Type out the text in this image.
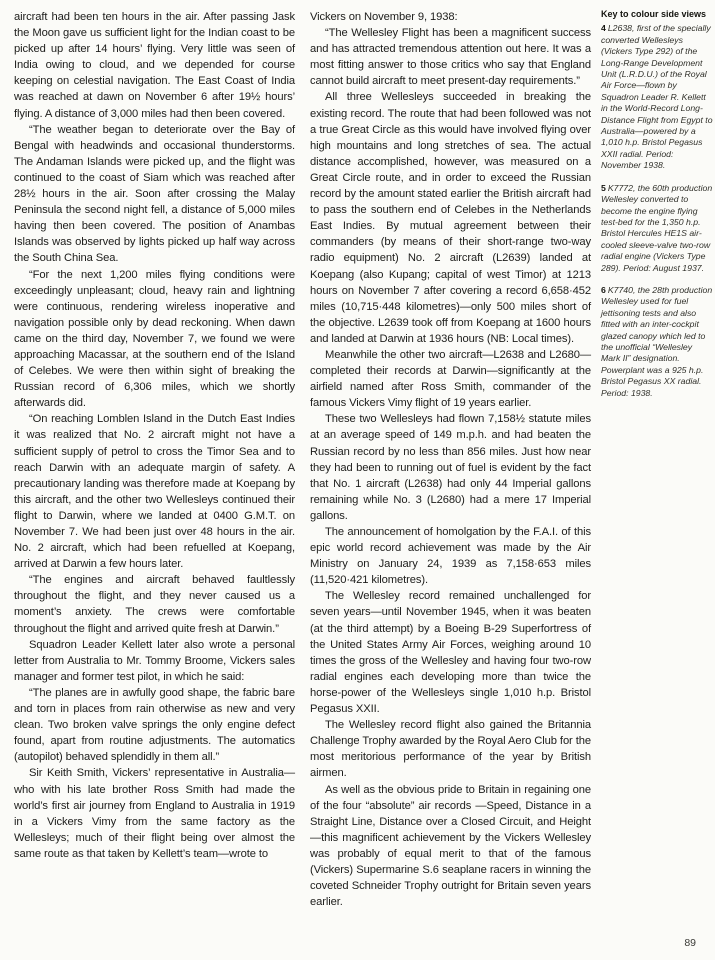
aircraft had been ten hours in the air. After passing Jask the Moon gave us sufficient light for the Indian coast to be picked up after 14 hours’ flying. Very little was seen of India owing to cloud, and we depended for course keeping on celestial navigation. The East Coast of India was reached at dawn on November 6 after 19½ hours’ flying. A distance of 3,000 miles had then been covered.

“The weather began to deteriorate over the Bay of Bengal with headwinds and occasional thunderstorms. The Andaman Islands were picked up, and the flight was continued to the coast of Siam which was reached after 28½ hours in the air. Soon after crossing the Malay Peninsula the second night fell, a distance of 5,000 miles having then been covered. The position of Anambas Islands was observed by lights picked up half way across the South China Sea.

“For the next 1,200 miles flying conditions were exceedingly unpleasant; cloud, heavy rain and lightning were continuous, rendering wireless inoperative and navigation possible only by dead reckoning. When dawn came on the third day, November 7, we found we were approaching Macassar, at the southern end of the Island of Celebes. We were then within sight of breaking the Russian record of 6,306 miles, which we shortly afterwards did.

“On reaching Lomblen Island in the Dutch East Indies it was realized that No. 2 aircraft might not have a sufficient supply of petrol to cross the Timor Sea and to reach Darwin with an adequate margin of safety. A precautionary landing was therefore made at Koepang by this aircraft, and the other two Wellesleys continued their flight to Darwin, where we landed at 0400 G.M.T. on November 7. We had been just over 48 hours in the air. No. 2 aircraft, which had been refuelled at Koepang, arrived at Darwin a few hours later.

“The engines and aircraft behaved faultlessly throughout the flight, and they never caused us a moment’s anxiety. The crews were comfortable throughout the flight and arrived quite fresh at Darwin.”

Squadron Leader Kellett later also wrote a personal letter from Australia to Mr. Tommy Broome, Vickers sales manager and former test pilot, in which he said:

“The planes are in awfully good shape, the fabric bare and torn in places from rain otherwise as new and very clean. Two broken valve springs the only engine defect found, apart from routine adjustments. The automatics (autopilot) behaved splendidly in them all.”

Sir Keith Smith, Vickers’ representative in Australia—who with his late brother Ross Smith had made the world’s first air journey from England to Australia in 1919 in a Vickers Vimy from the same factory as the Wellesleys; much of their flight being over almost the same route as that taken by Kellett’s team—wrote to

Vickers on November 9, 1938:

“The Wellesley Flight has been a magnificent success and has attracted tremendous attention out here. It was a most fitting answer to those critics who say that England cannot build aircraft to meet present-day requirements.”

All three Wellesleys succeeded in breaking the existing record. The route that had been followed was not a true Great Circle as this would have involved flying over high mountains and long stretches of sea. The actual distance accomplished, however, was measured on a Great Circle route, and in order to exceed the Russian record by the amount stated earlier the British aircraft had to pass the southern end of Celebes in the Netherlands East Indies. By mutual agreement between their commanders (by means of their short-range two-way radio equipment) No. 2 aircraft (L2639) landed at Koepang (also Kupang; capital of west Timor) at 1213 hours on November 7 after covering a record 6,658·452 miles (10,715·448 kilometres)—only 500 miles short of the objective. L2639 took off from Koepang at 1600 hours and landed at Darwin at 1936 hours (NB: Local times).

Meanwhile the other two aircraft—L2638 and L2680—completed their records at Darwin—significantly at the airfield named after Ross Smith, commander of the famous Vickers Vimy flight of 19 years earlier.

These two Wellesleys had flown 7,158½ statute miles at an average speed of 149 m.p.h. and had beaten the Russian record by no less than 856 miles. Just how near they had been to running out of fuel is evident by the fact that No. 1 aircraft (L2638) had only 44 Imperial gallons remaining while No. 3 (L2680) had a mere 17 Imperial gallons.

The announcement of homolgation by the F.A.I. of this epic world record achievement was made by the Air Ministry on January 24, 1939 as 7,158·653 miles (11,520·421 kilometres).

The Wellesley record remained unchallenged for seven years—until November 1945, when it was beaten (at the third attempt) by a Boeing B-29 Superfortress of the United States Army Air Forces, weighing around 10 times the gross of the Wellesley and having four two-row radial engines each developing more than twice the horse-power of the Wellesleys single 1,010 h.p. Bristol Pegasus XXII.

The Wellesley record flight also gained the Britannia Challenge Trophy awarded by the Royal Aero Club for the most meritorious performance of the year by British airmen.

As well as the obvious pride to Britain in regaining one of the four “absolute” air records —Speed, Distance in a Straight Line, Distance over a Closed Circuit, and Height—this magnificent achievement by the Vickers Wellesley was probably of equal merit to that of the famous (Vickers) Supermarine S.6 seaplane racers in winning the coveted Schneider Trophy outright for Britain seven years earlier.

Key to colour side views

4 L2638, first of the specially converted Wellesleys (Vickers Type 292) of the Long-Range Development Unit (L.R.D.U.) of the Royal Air Force—flown by Squadron Leader R. Kellett in the World-Record Long-Distance Flight from Egypt to Australia—powered by a 1,010 h.p. Bristol Pegasus XXII radial. Period: November 1938.

5 K7772, the 60th production Wellesley converted to become the engine flying test-bed for the 1,350 h.p. Bristol Hercules HE1S air-cooled sleeve-valve two-row radial engine (Vickers Type 289). Period: August 1937.

6 K7740, the 28th production Wellesley used for fuel jettisoning tests and also fitted with an inter-cockpit glazed canopy which led to the unofficial “Wellesley Mark II” designation. Powerplant was a 925 h.p. Bristol Pegasus XX radial. Period: 1938.

89
